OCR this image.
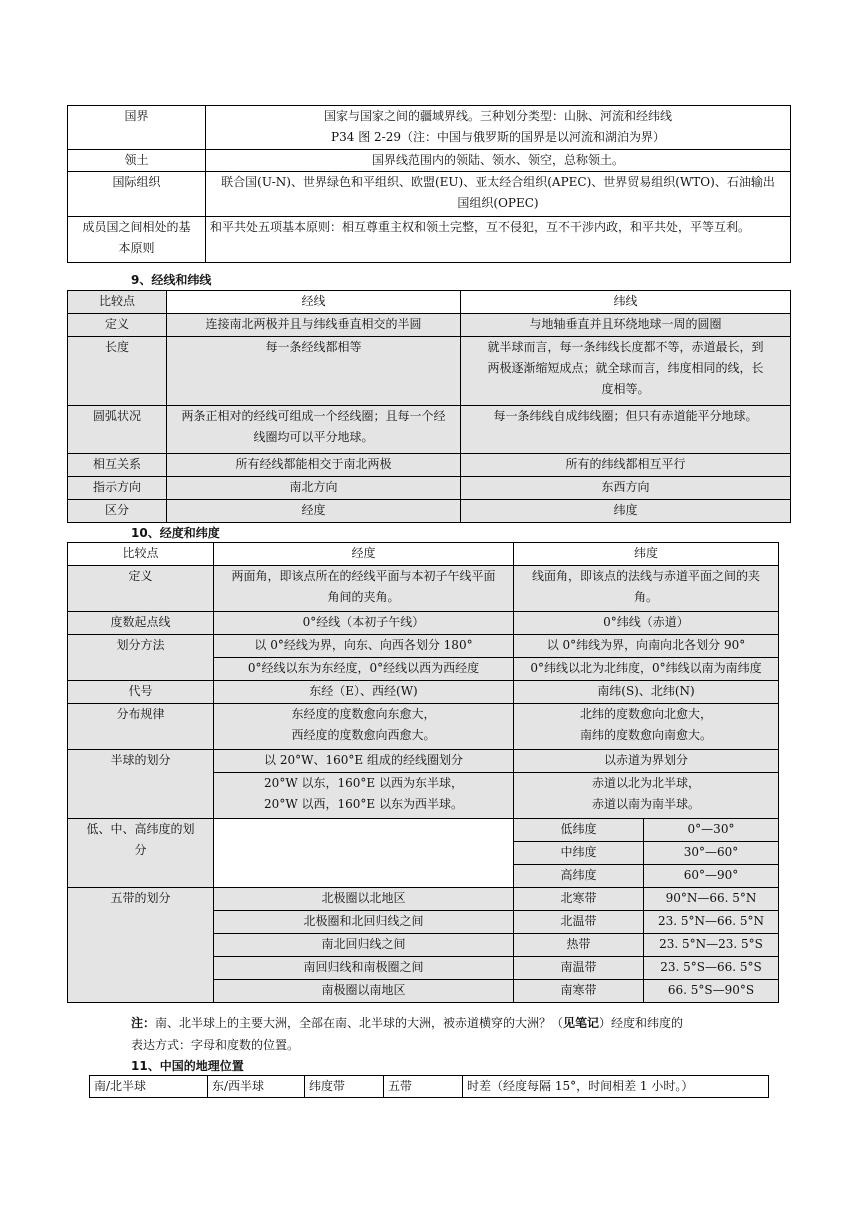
国界	国家与国家之间的疆域界线。三种划分类型：山脉、河流和经纬线
P34 图 2-29（注：中国与俄罗斯的国界是以河流和湖泊为界）
领土	国界线范围内的领陆、领水、领空，总称领土。
国际组织	联合国(U-N)、世界绿色和平组织、欧盟(EU)、亚太经合组织(APEC)、世界贸易组织(WTO)、石油输出
国组织(OPEC)
成员国之间相处的基
本原则	和平共处五项基本原则：相互尊重主权和领土完整，互不侵犯，互不干涉内政，和平共处，平等互利。
9、经线和纬线
比较点	经线	纬线
定义	连接南北两极并且与纬线垂直相交的半圆	与地轴垂直并且环绕地球一周的圆圈
长度	每一条经线都相等	就半球而言，每一条纬线长度都不等，赤道最长，到
两极逐渐缩短成点；就全球而言，纬度相同的线，长
度相等。
圆弧状况	两条正相对的经线可组成一个经线圈；且每一个经
线圈均可以平分地球。	每一条纬线自成纬线圈；但只有赤道能平分地球。
相互关系	所有经线都能相交于南北两极	所有的纬线都相互平行
指示方向	南北方向	东西方向
区分	经度	纬度
10、经度和纬度
比较点	经度	纬度	
定义	两面角，即该点所在的经线平面与本初子午线平面
角间的夹角。	线面角，即该点的法线与赤道平面之间的夹
角。	
度数起点线	0°经线（本初子午线）	0°纬线（赤道）	
划分方法	以 0°经线为界，向东、向西各划分 180°	以 0°纬线为界，向南向北各划分 90°	
	0°经线以东为东经度，0°经线以西为西经度	0°纬线以北为北纬度，0°纬线以南为南纬度	
代号	东经（E）、西经(W)	南纬(S)、北纬(N)	
分布规律	东经度的度数愈向东愈大，
西经度的度数愈向西愈大。	北纬的度数愈向北愈大，
南纬的度数愈向南愈大。	
半球的划分	以 20°W、160°E 组成的经线圈划分	以赤道为界划分	
	20°W 以东，160°E 以西为东半球，
20°W 以西，160°E 以东为西半球。	赤道以北为北半球，
赤道以南为南半球。	
低、中、高纬度的划
分		低纬度	0°—30°
		中纬度	30°—60°
		高纬度	60°—90°
五带的划分	北极圈以北地区	北寒带	90°N—66. 5°N
	北极圈和北回归线之间	北温带	23. 5°N—66. 5°N
	南北回归线之间	热带	23. 5°N—23. 5°S
	南回归线和南极圈之间	南温带	23. 5°S—66. 5°S
	南极圈以南地区	南寒带	66. 5°S—90°S
注：南、北半球上的主要大洲，全部在南、北半球的大洲，被赤道横穿的大洲？（见笔记）经度和纬度的
表达方式：字母和度数的位置。
11、中国的地理位置
南/北半球	东/西半球	纬度带	五带	时差（经度每隔 15°，时间相差 1 小时。）
